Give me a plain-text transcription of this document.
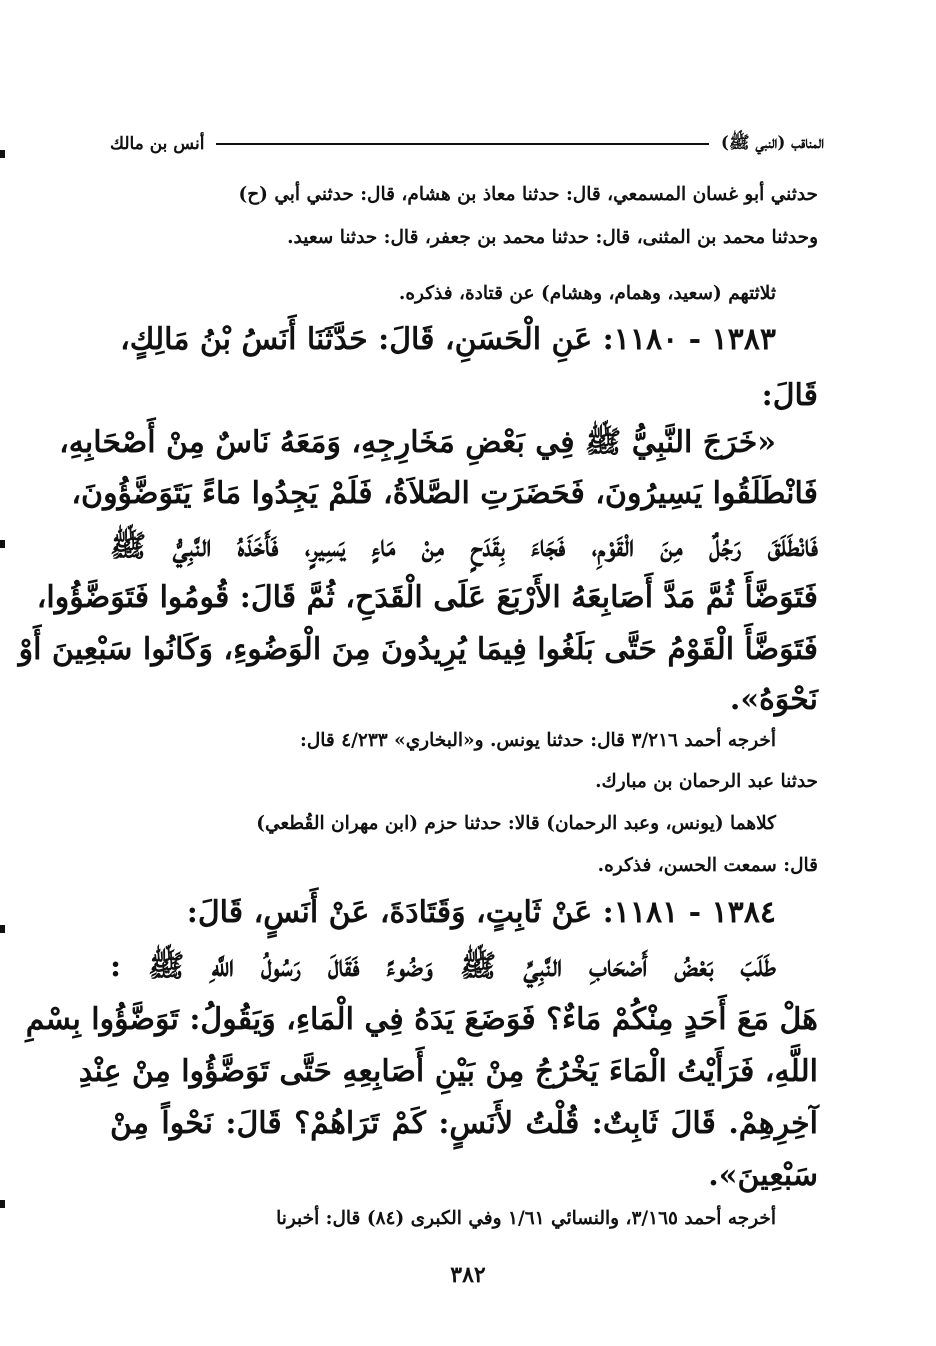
المناقب (النبي ﷺ)
أنس بن مالك
حدثني أبو غسان المسمعي، قال: حدثنا معاذ بن هشام، قال: حدثني أبي (ح)
وحدثنا محمد بن المثنى، قال: حدثنا محمد بن جعفر، قال: حدثنا سعيد.
ثلاثتهم (سعيد، وهمام، وهشام) عن قتادة، فذكره.
١٣٨٣ - ١١٨٠: عَنِ الْحَسَنِ، قَالَ: حَدَّثَنَا أَنَسُ بْنُ مَالِكٍ،
قَالَ:
«خَرَجَ النَّبِيُّ ﷺ فِي بَعْضِ مَخَارِجِهِ، وَمَعَهُ نَاسٌ مِنْ أَصْحَابِهِ،
فَانْطَلَقُوا يَسِيرُونَ، فَحَضَرَتِ الصَّلاَةُ، فَلَمْ يَجِدُوا مَاءً يَتَوَضَّؤُونَ،
فَانْطَلَقَ رَجُلٌ مِنَ الْقَوْمِ، فَجَاءَ بِقَدَحٍ مِنْ مَاءٍ يَسِيرٍ، فَأَخَذَهُ النَّبِيُّ ﷺ
فَتَوَضَّأَ ثُمَّ مَدَّ أَصَابِعَهُ الأَرْبَعَ عَلَى الْقَدَحِ، ثُمَّ قَالَ: قُومُوا فَتَوَضَّؤُوا،
فَتَوَضَّأَ الْقَوْمُ حَتَّى بَلَغُوا فِيمَا يُرِيدُونَ مِنَ الْوَضُوءِ، وَكَانُوا سَبْعِينَ أَوْ
نَحْوَهُ».
أخرجه أحمد ٣/٢١٦ قال: حدثنا يونس. و«البخاري» ٤/٢٣٣ قال:
حدثنا عبد الرحمان بن مبارك.
كلاهما (يونس، وعبد الرحمان) قالا: حدثنا حزم (ابن مهران القُطعي)
قال: سمعت الحسن، فذكره.
١٣٨٤ - ١١٨١: عَنْ ثَابِتٍ، وَقَتَادَةَ، عَنْ أَنَسٍ، قَالَ:
طَلَبَ بَعْضُ أَصْحَابِ النَّبِيِّ ﷺ وَضُوءً فَقَالَ رَسُولُ اللَّهِ ﷺ :
هَلْ مَعَ أَحَدٍ مِنْكُمْ مَاءٌ؟ فَوَضَعَ يَدَهُ فِي الْمَاءِ، وَيَقُولُ: تَوَضَّؤُوا بِسْمِ
اللَّهِ، فَرَأَيْتُ الْمَاءَ يَخْرُجُ مِنْ بَيْنِ أَصَابِعِهِ حَتَّى تَوَضَّؤُوا مِنْ عِنْدِ
آخِرِهِمْ. قَالَ ثَابِتٌ: قُلْتُ لأَنَسٍ: كَمْ تَرَاهُمْ؟ قَالَ: نَحْواً مِنْ
سَبْعِينَ».
أخرجه أحمد ٣/١٦٥، والنسائي ١/٦١ وفي الكبرى (٨٤) قال: أخبرنا
٣٨٢
